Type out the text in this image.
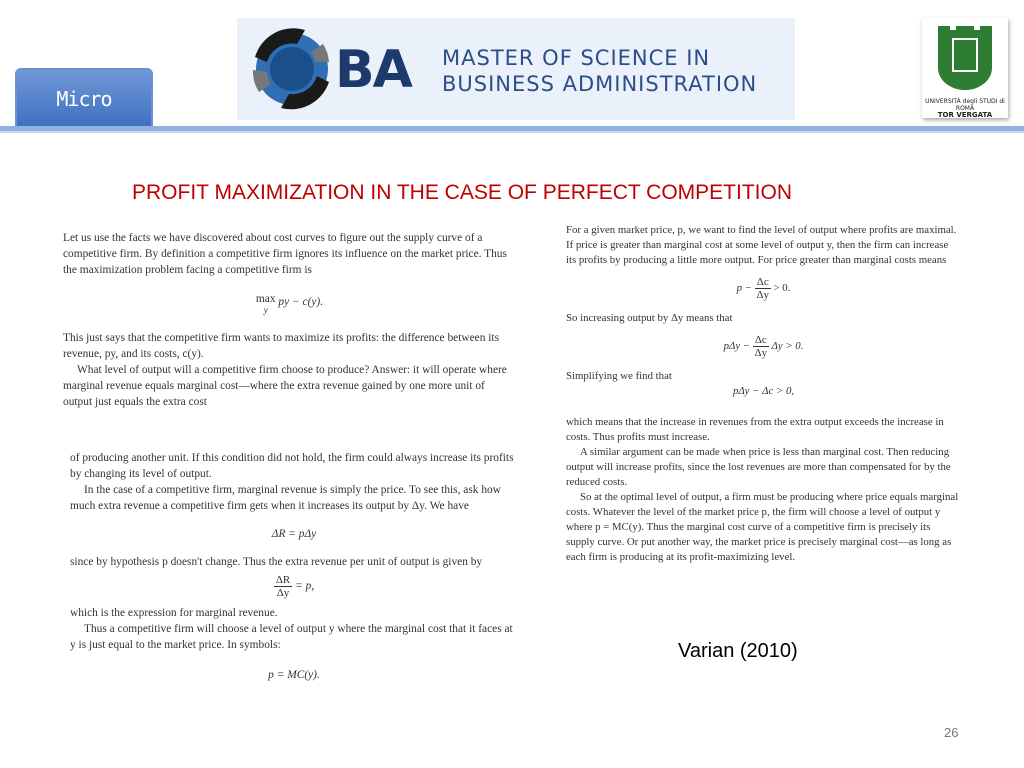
Micro	BA MASTER OF SCIENCE IN
BUSINESS ADMINISTRATION
UNIVERSITÀ degli STUDI di ROMA
TOR VERGATA
PROFIT MAXIMIZATION IN THE CASE OF PERFECT COMPETITION

Let us use the facts we have discovered about cost curves to figure out the supply curve of a competitive firm. By definition a competitive firm ignores its influence on the market price. Thus the maximization problem facing a competitive firm is

max
y py − c(y).

This just says that the competitive firm wants to maximize its profits: the difference between its revenue, py, and its costs, c(y).

What level of output will a competitive firm choose to produce? Answer: it will operate where marginal revenue equals marginal cost—where the extra revenue gained by one more unit of output just equals the extra cost

of producing another unit. If this condition did not hold, the firm could always increase its profits by changing its level of output.

In the case of a competitive firm, marginal revenue is simply the price. To see this, ask how much extra revenue a competitive firm gets when it increases its output by Δy. We have

ΔR = pΔy

since by hypothesis p doesn't change. Thus the extra revenue per unit of output is given by

$\frac{\Delta R}{\Delta y} = p$,

which is the expression for marginal revenue.

Thus a competitive firm will choose a level of output y where the marginal cost that it faces at y is just equal to the market price. In symbols:

p = MC(y).

For a given market price, p, we want to find the level of output where profits are maximal. If price is greater than marginal cost at some level of output y, then the firm can increase its profits by producing a little more output. For price greater than marginal costs means

$p - \frac{\Delta c}{\Delta y} > 0$.

So increasing output by Δy means that

$p\Delta y - \frac{\Delta c}{\Delta y}$ Δy > 0.

Simplifying we find that

pΔy − Δc > 0,

which means that the increase in revenues from the extra output exceeds the increase in costs. Thus profits must increase.

A similar argument can be made when price is less than marginal cost. Then reducing output will increase profits, since the lost revenues are more than compensated for by the reduced costs.

So at the optimal level of output, a firm must be producing where price equals marginal costs. Whatever the level of the market price p, the firm will choose a level of output y where p = MC(y). Thus the marginal cost curve of a competitive firm is precisely its supply curve. Or put another way, the market price is precisely marginal cost—as long as each firm is producing at its profit-maximizing level.

Varian (2010)
26
